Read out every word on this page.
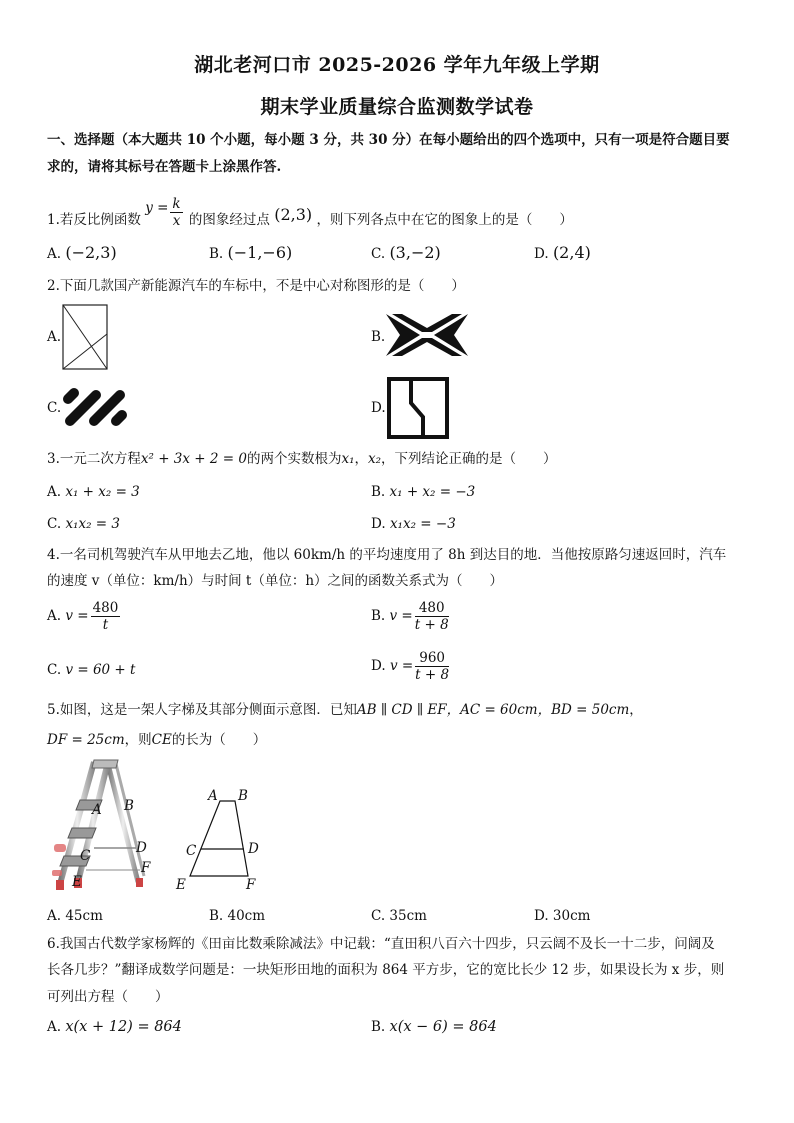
湖北老河口市 2025-2026 学年九年级上学期
期末学业质量综合监测数学试卷
一、选择题（本大题共 10 个小题，每小题 3 分，共 30 分）在每小题给出的四个选项中，只有一项是符合题目要
求的，请将其标号在答题卡上涂黑作答.
1.若反比例函数 $y = \frac{k}{x}$ 的图象经过点 (2,3) ，则下列各点中在它的图象上的是（　　）
A. (−2,3)	B. (−1,−6)	C. (3,−2)	D. (2,4)
2.下面几款国产新能源汽车的车标中，不是中心对称图形的是（　　）
A.	B.
C.	D.
3.一元二次方程x² + 3x + 2 = 0的两个实数根为x₁，x₂，下列结论正确的是（　　）
A. x₁ + x₂ = 3	B. x₁ + x₂ = −3
C. x₁x₂ = 3	D. x₁x₂ = −3
4.一名司机驾驶汽车从甲地去乙地，他以 60km/h 的平均速度用了 8h 到达目的地．当他按原路匀速返回时，汽车
的速度 v（单位：km/h）与时间 t（单位：h）之间的函数关系式为（　　）
A. $v = \frac{480}{t}$	B. $v = \frac{480}{t + 8}$
C. v = 60 + t	D. $v = \frac{960}{t + 8}$
5.如图，这是一架人字梯及其部分侧面示意图．已知AB ∥ CD ∥ EF，AC = 60cm，BD = 50cm，
DF = 25cm，则CE的长为（　　）
A B
C	D
E
F
A B
C	D
E	F
A. 45cm	B. 40cm	C. 35cm	D. 30cm
6.我国古代数学家杨辉的《田亩比数乘除减法》中记载：“直田积八百六十四步，只云阔不及长一十二步，问阔及
长各几步？”翻译成数学问题是：一块矩形田地的面积为 864 平方步，它的宽比长少 12 步，如果设长为 x 步，则
可列出方程（　　）
A. x(x + 12) = 864	B. x(x − 6) = 864
